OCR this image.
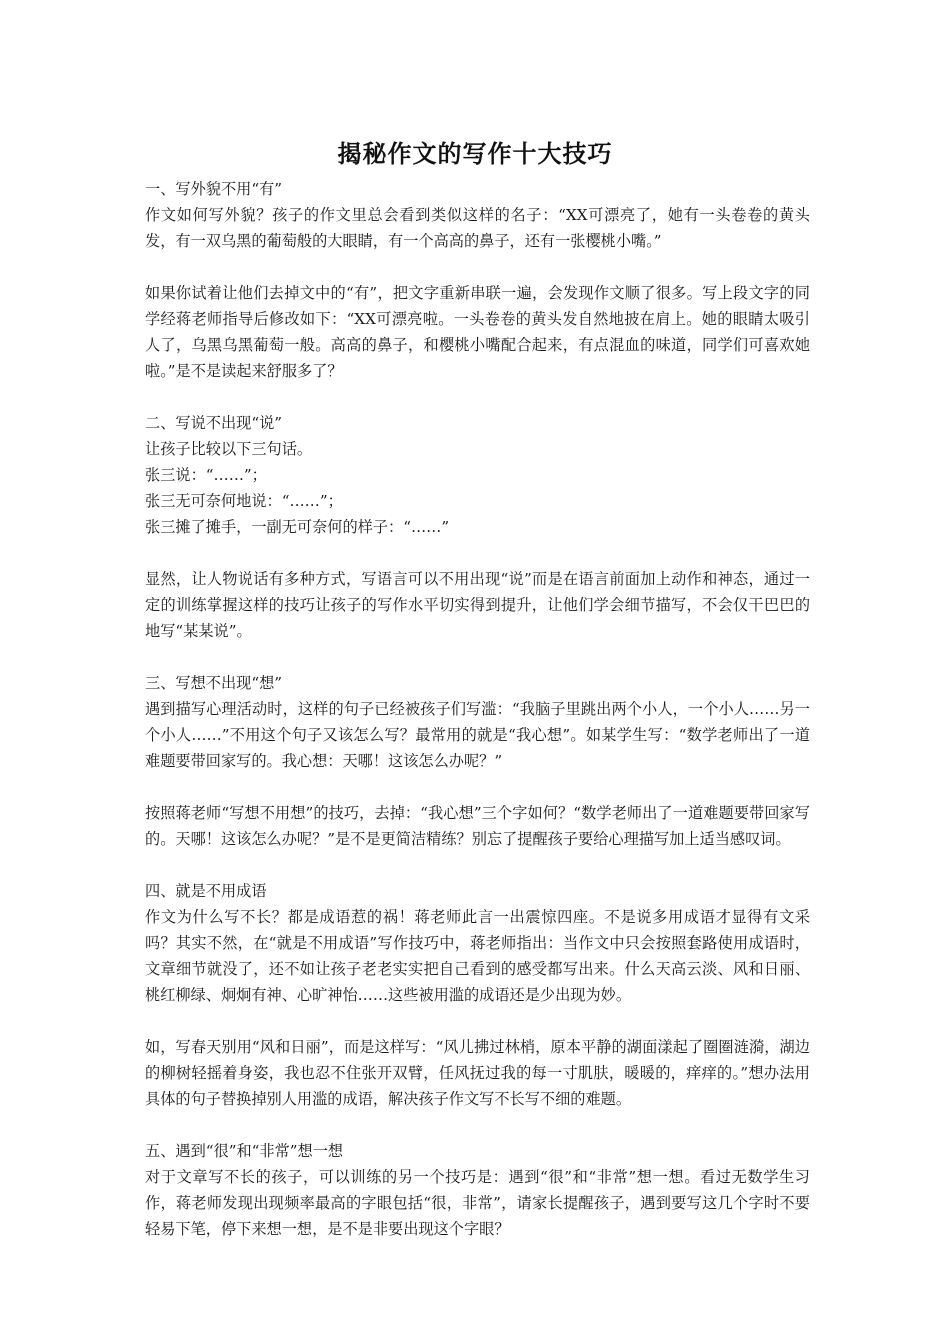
揭秘作文的写作十大技巧

一、写外貌不用“有”

作文如何写外貌？孩子的作文里总会看到类似这样的名子：“XX可漂亮了，她有一头卷卷的黄头发，有一双乌黑的葡萄般的大眼睛，有一个高高的鼻子，还有一张樱桃小嘴。”

如果你试着让他们去掉文中的“有”，把文字重新串联一遍，会发现作文顺了很多。写上段文字的同学经蒋老师指导后修改如下：“XX可漂亮啦。一头卷卷的黄头发自然地披在肩上。她的眼睛太吸引人了，乌黑乌黑葡萄一般。高高的鼻子，和樱桃小嘴配合起来，有点混血的味道，同学们可喜欢她啦。”是不是读起来舒服多了？

二、写说不出现“说”

让孩子比较以下三句话。

张三说：“……”；

张三无可奈何地说：“……”；

张三摊了摊手，一副无可奈何的样子：“……”

显然，让人物说话有多种方式，写语言可以不用出现“说”而是在语言前面加上动作和神态，通过一定的训练掌握这样的技巧让孩子的写作水平切实得到提升，让他们学会细节描写，不会仅干巴巴的地写“某某说”。

三、写想不出现“想”

遇到描写心理活动时，这样的句子已经被孩子们写滥：“我脑子里跳出两个小人，一个小人……另一个小人……”不用这个句子又该怎么写？最常用的就是“我心想”。如某学生写：“数学老师出了一道难题要带回家写的。我心想：天哪！这该怎么办呢？”

按照蒋老师“写想不用想”的技巧，去掉：“我心想”三个字如何？“数学老师出了一道难题要带回家写的。天哪！这该怎么办呢？”是不是更简洁精练？别忘了提醒孩子要给心理描写加上适当感叹词。

四、就是不用成语

作文为什么写不长？都是成语惹的祸！蒋老师此言一出震惊四座。不是说多用成语才显得有文采吗？其实不然，在“就是不用成语”写作技巧中，蒋老师指出：当作文中只会按照套路使用成语时，文章细节就没了，还不如让孩子老老实实把自己看到的感受都写出来。什么天高云淡、风和日丽、桃红柳绿、炯炯有神、心旷神怡……这些被用滥的成语还是少出现为妙。

如，写春天别用“风和日丽”，而是这样写：“风儿拂过林梢，原本平静的湖面漾起了圈圈涟漪，湖边的柳树轻摇着身姿，我也忍不住张开双臂，任风抚过我的每一寸肌肤，暖暖的，痒痒的。”想办法用具体的句子替换掉别人用滥的成语，解决孩子作文写不长写不细的难题。

五、遇到“很”和“非常”想一想

对于文章写不长的孩子，可以训练的另一个技巧是：遇到“很”和“非常”想一想。看过无数学生习作，蒋老师发现出现频率最高的字眼包括“很，非常”，请家长提醒孩子，遇到要写这几个字时不要轻易下笔，停下来想一想，是不是非要出现这个字眼？
